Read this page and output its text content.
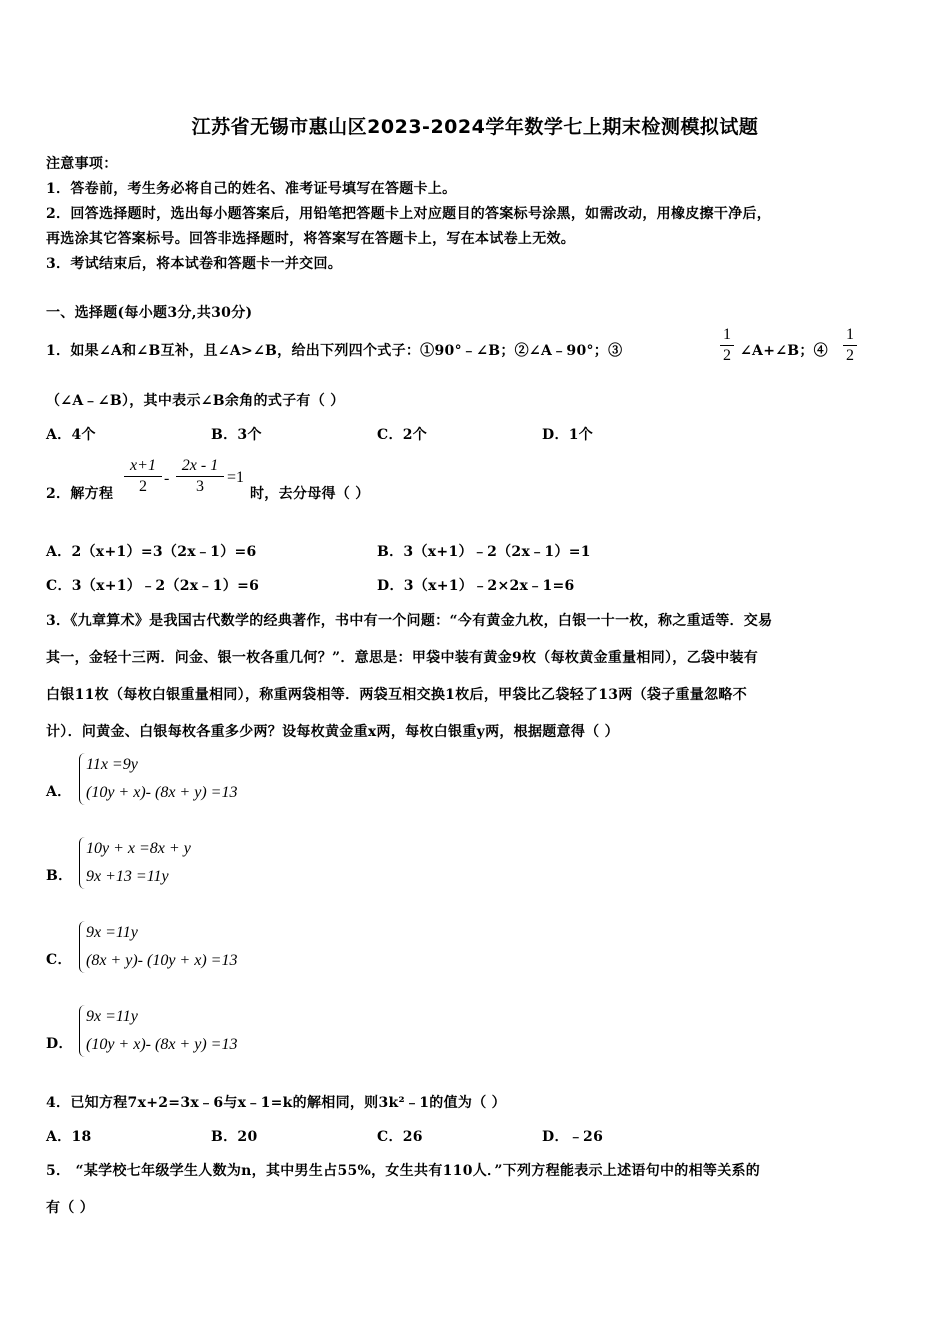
江苏省无锡市惠山区2023-2024学年数学七上期末检测模拟试题
注意事项：
1．答卷前，考生务必将自己的姓名、准考证号填写在答题卡上。
2．回答选择题时，选出每小题答案后，用铅笔把答题卡上对应题目的答案标号涂黑，如需改动，用橡皮擦干净后，
再选涂其它答案标号。回答非选择题时，将答案写在答题卡上，写在本试卷上无效。
3．考试结束后，将本试卷和答题卡一并交回。
一、选择题(每小题3分,共30分)
1．如果∠A和∠B互补，且∠A>∠B，给出下列四个式子：①90°﹣∠B；②∠A﹣90°；③
1
2 ∠A+∠B；④
1
2
（∠A﹣∠B），其中表示∠B余角的式子有（ ）
A．4个	B．3个	C．2个	D．1个
2．解方程
x+1
2	-
2x - 1
3
=1
时，去分母得（ ）
A．2（x+1）=3（2x﹣1）=6	B．3（x+1）﹣2（2x﹣1）=1
C．3（x+1）﹣2（2x﹣1）=6	D．3（x+1）﹣2×2x﹣1=6
3．《九章算术》是我国古代数学的经典著作，书中有一个问题：“今有黄金九枚，白银一十一枚，称之重适等．交易
其一，金轻十三两．问金、银一枚各重几何？”．意思是：甲袋中装有黄金9枚（每枚黄金重量相同），乙袋中装有
白银11枚（每枚白银重量相同），称重两袋相等．两袋互相交换1枚后，甲袋比乙袋轻了13两（袋子重量忽略不
计）．问黄金、白银每枚各重多少两？设每枚黄金重x两，每枚白银重y两，根据题意得（ ）
A．
11x =9y
(10y + x)- (8x + y) =13
B．
10y + x =8x + y
9x +13 =11y
C．
9x =11y
(8x + y)- (10y + x) =13
D．
9x =11y
(10y + x)- (8x + y) =13
4．已知方程7x+2=3x﹣6与x﹣1=k的解相同，则3k²﹣1的值为（ ）
A．18	B．20	C．26	D．﹣26
5． “某学校七年级学生人数为n，其中男生占55%，女生共有110人．”下列方程能表示上述语句中的相等关系的
有（ ）
